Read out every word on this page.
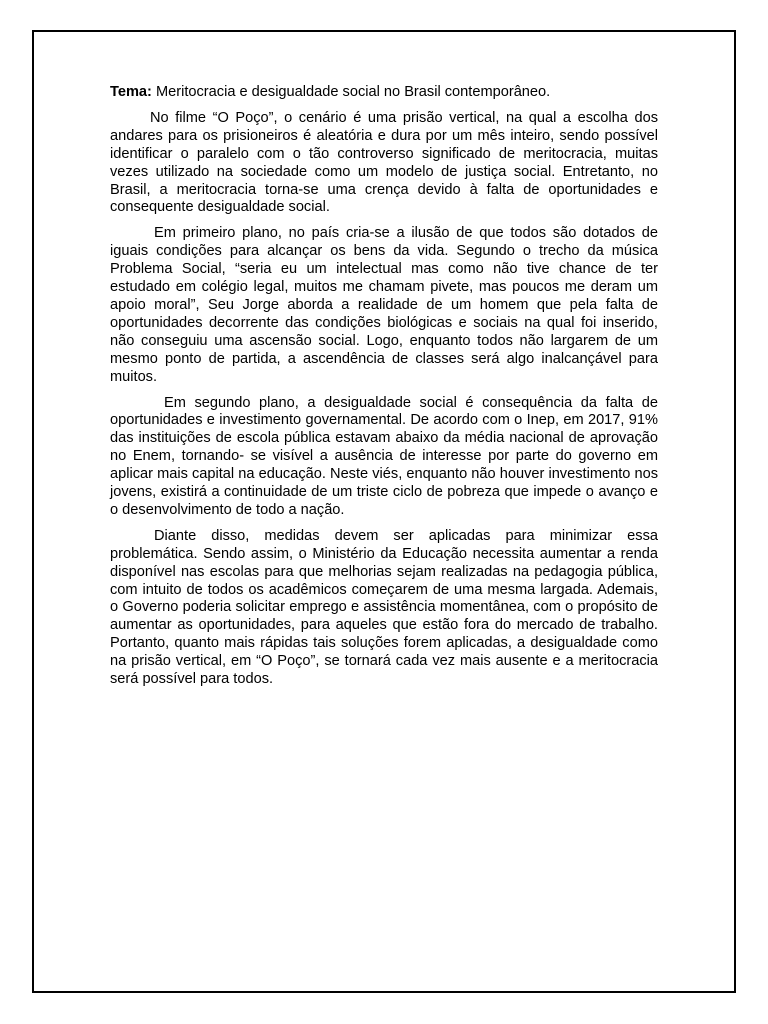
Tema: Meritocracia e desigualdade social no Brasil contemporâneo.

No filme “O Poço”, o cenário é uma prisão vertical, na qual a escolha dos andares para os prisioneiros é aleatória e dura por um mês inteiro, sendo possível identificar o paralelo com o tão controverso significado de meritocracia, muitas vezes utilizado na sociedade como um modelo de justiça social. Entretanto, no Brasil, a meritocracia torna-se uma crença devido à falta de oportunidades e consequente desigualdade social.

Em primeiro plano, no país cria-se a ilusão de que todos são dotados de iguais condições para alcançar os bens da vida. Segundo o trecho da música Problema Social, “seria eu um intelectual mas como não tive chance de ter estudado em colégio legal, muitos me chamam pivete, mas poucos me deram um apoio moral”, Seu Jorge aborda a realidade de um homem que pela falta de oportunidades decorrente das condições biológicas e sociais na qual foi inserido, não conseguiu uma ascensão social. Logo, enquanto todos não largarem de um mesmo ponto de partida, a ascendência de classes será algo inalcançável para muitos.

Em segundo plano, a desigualdade social é consequência da falta de oportunidades e investimento governamental. De acordo com o Inep, em 2017, 91% das instituições de escola pública estavam abaixo da média nacional de aprovação no Enem, tornando- se visível a ausência de interesse por parte do governo em aplicar mais capital na educação. Neste viés, enquanto não houver investimento nos jovens, existirá a continuidade de um triste ciclo de pobreza que impede o avanço e o desenvolvimento de todo a nação.

Diante disso, medidas devem ser aplicadas para minimizar essa problemática. Sendo assim, o Ministério da Educação necessita aumentar a renda disponível nas escolas para que melhorias sejam realizadas na pedagogia pública, com intuito de todos os acadêmicos começarem de uma mesma largada. Ademais, o Governo poderia solicitar emprego e assistência momentânea, com o propósito de aumentar as oportunidades, para aqueles que estão fora do mercado de trabalho. Portanto, quanto mais rápidas tais soluções forem aplicadas, a desigualdade como na prisão vertical, em “O Poço”, se tornará cada vez mais ausente e a meritocracia será possível para todos.
